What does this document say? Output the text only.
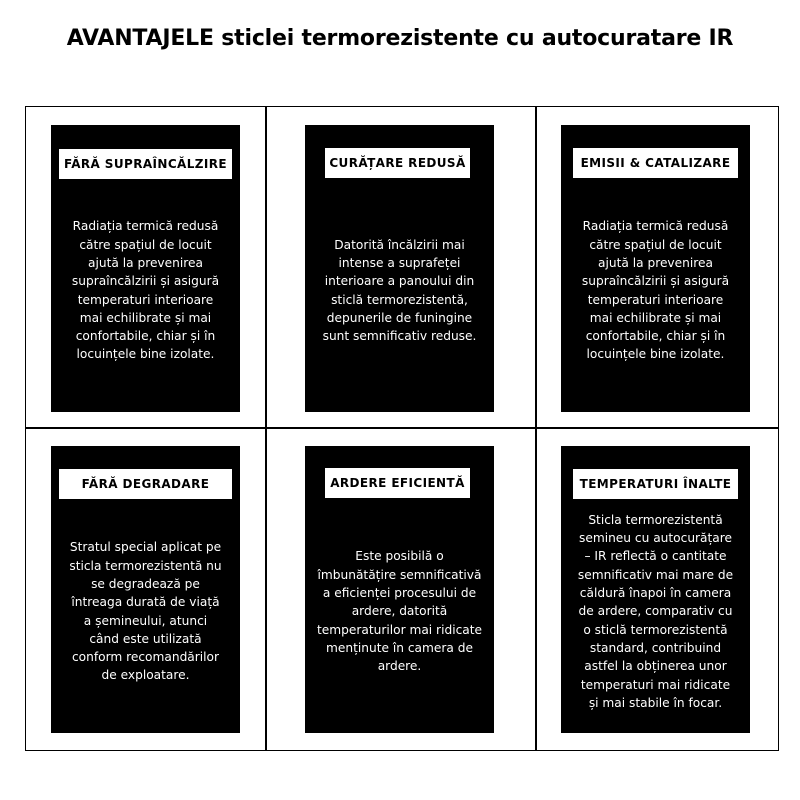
AVANTAJELE sticlei termorezistente cu autocuratare IR
FĂRĂ SUPRAÎNCĂLZIRE
Radiația termică redusă
către spațiul de locuit
ajută la prevenirea
supraîncălzirii și asigură
temperaturi interioare
mai echilibrate și mai
confortabile, chiar și în
locuințele bine izolate.
CURĂȚARE REDUSĂ
Datorită încălzirii mai
intense a suprafeței
interioare a panoului din
sticlă termorezistentă,
depunerile de funingine
sunt semnificativ reduse.
EMISII & CATALIZARE
Radiația termică redusă
către spațiul de locuit
ajută la prevenirea
supraîncălzirii și asigură
temperaturi interioare
mai echilibrate și mai
confortabile, chiar și în
locuințele bine izolate.
FĂRĂ DEGRADARE
Stratul special aplicat pe
sticla termorezistentă nu
se degradează pe
întreaga durată de viață
a șemineului, atunci
când este utilizată
conform recomandărilor
de exploatare.
ARDERE EFICIENTĂ
Este posibilă o
îmbunătățire semnificativă
a eficienței procesului de
ardere, datorită
temperaturilor mai ridicate
menținute în camera de
ardere.
TEMPERATURI ÎNALTE
Sticla termorezistentă
semineu cu autocurățare
– IR reflectă o cantitate
semnificativ mai mare de
căldură înapoi în camera
de ardere, comparativ cu
o sticlă termorezistentă
standard, contribuind
astfel la obținerea unor
temperaturi mai ridicate
și mai stabile în focar.
